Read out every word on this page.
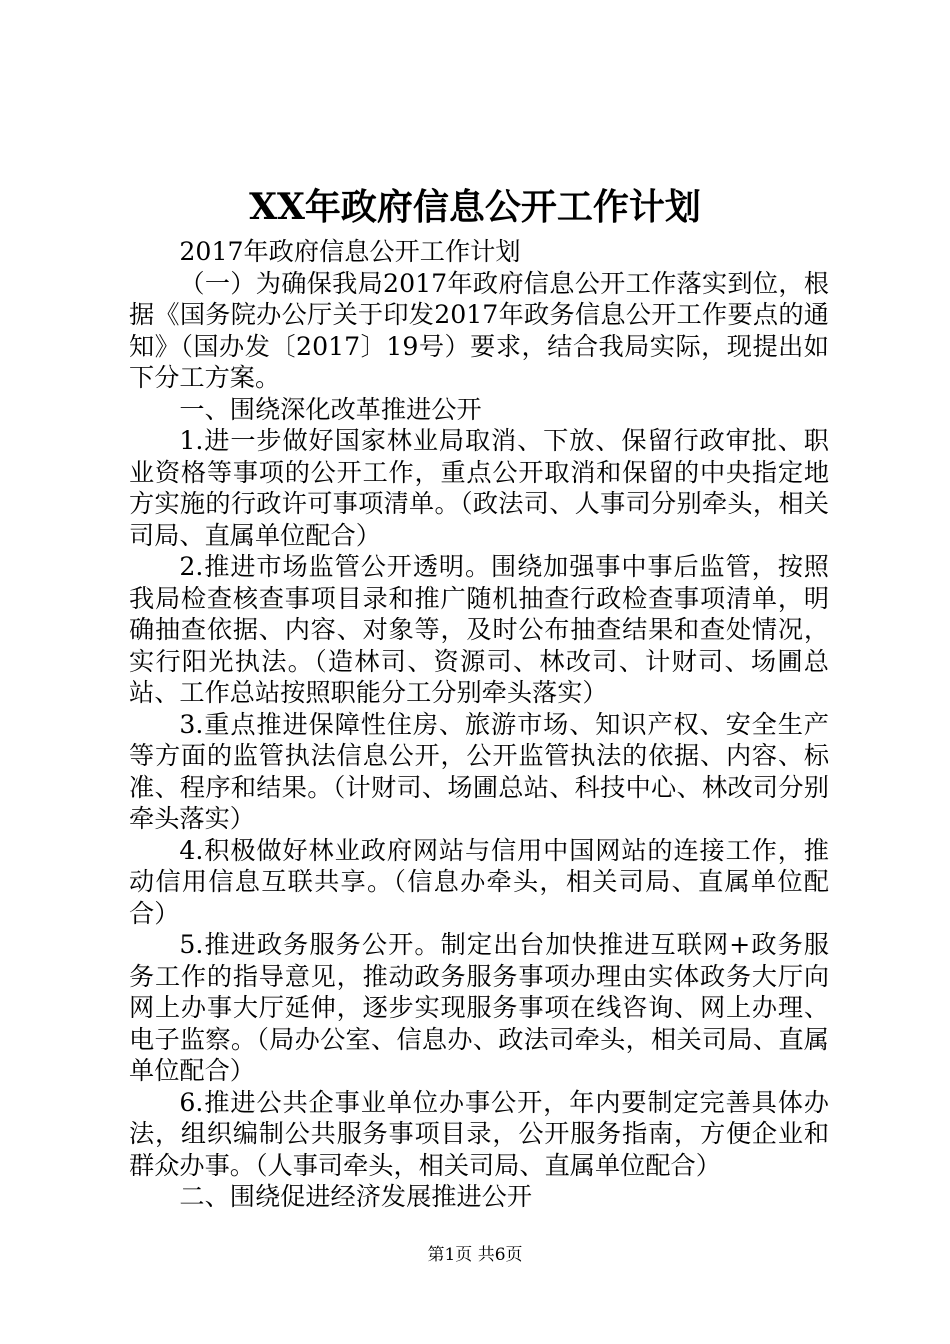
XX年政府信息公开工作计划

2017年政府信息公开工作计划

（一）为确保我局2017年政府信息公开工作落实到位，根据《国务院办公厅关于印发2017年政务信息公开工作要点的通知》（国办发〔2017〕19号）要求，结合我局实际，现提出如下分工方案。

一、围绕深化改革推进公开

1.进一步做好国家林业局取消、下放、保留行政审批、职业资格等事项的公开工作，重点公开取消和保留的中央指定地方实施的行政许可事项清单。（政法司、人事司分别牵头，相关司局、直属单位配合）

2.推进市场监管公开透明。围绕加强事中事后监管，按照我局检查核查事项目录和推广随机抽查行政检查事项清单，明确抽查依据、内容、对象等，及时公布抽查结果和查处情况，实行阳光执法。（造林司、资源司、林改司、计财司、场圃总站、工作总站按照职能分工分别牵头落实）

3.重点推进保障性住房、旅游市场、知识产权、安全生产等方面的监管执法信息公开，公开监管执法的依据、内容、标准、程序和结果。（计财司、场圃总站、科技中心、林改司分别牵头落实）

4.积极做好林业政府网站与信用中国网站的连接工作，推动信用信息互联共享。（信息办牵头，相关司局、直属单位配合）

5.推进政务服务公开。制定出台加快推进互联网+政务服务工作的指导意见，推动政务服务事项办理由实体政务大厅向网上办事大厅延伸，逐步实现服务事项在线咨询、网上办理、电子监察。（局办公室、信息办、政法司牵头，相关司局、直属单位配合）

6.推进公共企事业单位办事公开，年内要制定完善具体办法，组织编制公共服务事项目录，公开服务指南，方便企业和群众办事。（人事司牵头，相关司局、直属单位配合）

二、围绕促进经济发展推进公开

第1页 共6页
